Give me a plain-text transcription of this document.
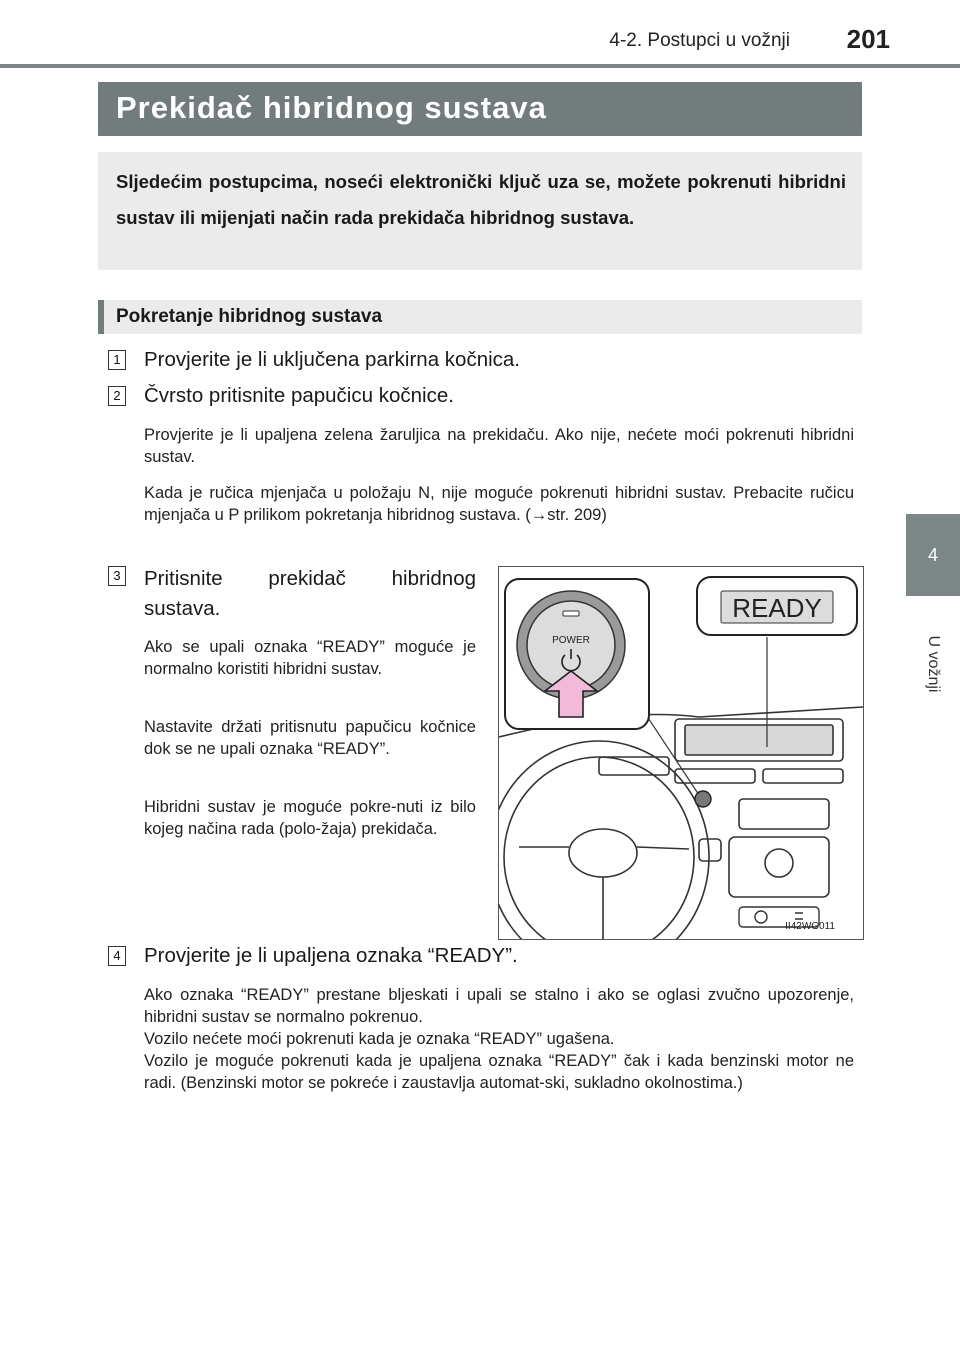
4-2. Postupci u vožnji 201
4
U vožnji
Prekidač hibridnog sustava
Sljedećim postupcima, noseći elektronički ključ uza se, možete pokrenuti hibridni sustav ili mijenjati način rada prekidača hibridnog sustava.
Pokretanje hibridnog sustava
1 Provjerite je li uključena parkirna kočnica.
2 Čvrsto pritisnite papučicu kočnice.
Provjerite je li upaljena zelena žaruljica na prekidaču. Ako nije, nećete moći pokrenuti hibridni sustav.
Kada je ručica mjenjača u položaju N, nije moguće pokrenuti hibridni sustav. Prebacite ručicu mjenjača u P prilikom pokretanja hibridnog sustava. (→str. 209)
3 Pritisnite prekidač hibridnog sustava.
Ako se upali oznaka “READY” moguće je normalno koristiti hibridni sustav.
Nastavite držati pritisnutu papučicu kočnice dok se ne upali oznaka “READY”.
Hibridni sustav je moguće pokre-nuti iz bilo kojeg načina rada (polo-žaja) prekidača.
POWER
READY
II42WG011
4 Provjerite je li upaljena oznaka “READY”.
Ako oznaka “READY” prestane bljeskati i upali se stalno i ako se oglasi zvučno upozorenje, hibridni sustav se normalno pokrenuo.
Vozilo nećete moći pokrenuti kada je oznaka “READY” ugašena.
Vozilo je moguće pokrenuti kada je upaljena oznaka “READY” čak i kada benzinski motor ne radi. (Benzinski motor se pokreće i zaustavlja automat-ski, sukladno okolnostima.)
